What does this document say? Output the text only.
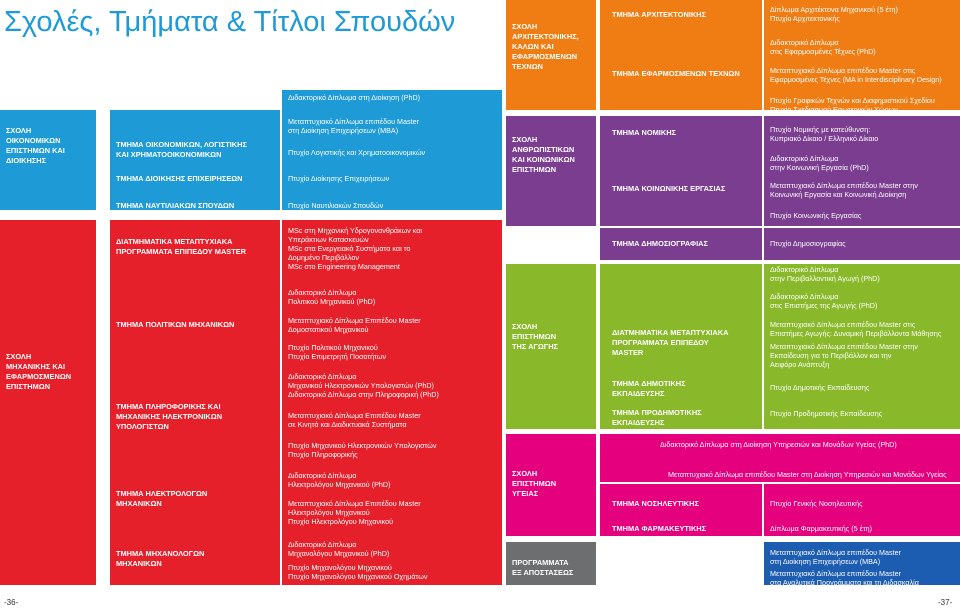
Σχολές, Τμήματα & Τίτλοι Σπουδών
ΣΧΟΛΗ
ΟΙΚΟΝΟΜΙΚΩΝ
ΕΠΙΣΤΗΜΩΝ ΚΑΙ
ΔΙΟΙΚΗΣΗΣ
ΤΜΗΜΑ ΟΙΚΟΝΟΜΙΚΩΝ, ΛΟΓΙΣΤΙΚΗΣ
ΚΑΙ ΧΡΗΜΑΤΟΟΙΚΟΝΟΜΙΚΩΝ
ΤΜΗΜΑ ΔΙΟΙΚΗΣΗΣ ΕΠΙΧΕΙΡΗΣΕΩΝ
ΤΜΗΜΑ ΝΑΥΤΙΛΙΑΚΩΝ ΣΠΟΥΔΩΝ
Διδακτορικό Δίπλωμα στη Διοίκηση (PhD)
Μεταπτυχιακό Δίπλωμα επιπέδου Master
στη Διοίκηση Επιχειρήσεων (MBA)
Πτυχίο Λογιστικής και Χρηματοοικονομικών
Πτυχίο Διοίκησης Επιχειρήσεων
Πτυχίο Ναυτιλιακών Σπουδών
ΣΧΟΛΗ
ΜΗΧΑΝΙΚΗΣ ΚΑΙ
ΕΦΑΡΜΟΣΜΕΝΩΝ
ΕΠΙΣΤΗΜΩΝ
ΔΙΑΤΜΗΜΑΤΙΚΑ ΜΕΤΑΠΤΥΧΙΑΚΑ
ΠΡΟΓΡΑΜΜΑΤΑ ΕΠΙΠΕΔΟΥ MASTER
ΤΜΗΜΑ ΠΟΛΙΤΙΚΩΝ ΜΗΧΑΝΙΚΩΝ
ΤΜΗΜΑ ΠΛΗΡΟΦΟΡΙΚΗΣ ΚΑΙ
ΜΗΧΑΝΙΚΗΣ ΗΛΕΚΤΡΟΝΙΚΩΝ
ΥΠΟΛΟΓΙΣΤΩΝ
ΤΜΗΜΑ ΗΛΕΚΤΡΟΛΟΓΩΝ
ΜΗΧΑΝΙΚΩΝ
ΤΜΗΜΑ ΜΗΧΑΝΟΛΟΓΩΝ
ΜΗΧΑΝΙΚΩΝ
MSc στη Μηχανική Υδρογονανθράκων και
Υπεράκτιων Κατασκευών
MSc στα Ενεργειακά Συστήματα και το
Δομημένο Περιβάλλον
MSc στο Engineering Management
Διδακτορικό Δίπλωμα
Πολιτικού Μηχανικού (PhD)
Μεταπτυχιακό Δίπλωμα Επιπέδου Master
Δομοστατικού Μηχανικού
Πτυχίο Πολιτικού Μηχανικού
Πτυχίο Επιμετρητή Ποσοτήτων
Διδακτορικό Δίπλωμα
Μηχανικού Ηλεκτρονικών Υπολογιστών (PhD)
Διδακτορικό Δίπλωμα στην Πληροφορική (PhD)
Μεταπτυχιακό Δίπλωμα Επιπέδου Master
σε Κινητά και Διαδικτυακά Συστήματα
Πτυχίο Μηχανικού Ηλεκτρονικών Υπολογιστών
Πτυχίο Πληροφορικής
Διδακτορικό Δίπλωμα
Ηλεκτρολόγου Μηχανικού (PhD)
Μεταπτυχιακό Δίπλωμα Επιπέδου Master
Ηλεκτρολόγου Μηχανικού
Πτυχίο Ηλεκτρολόγου Μηχανικού
Διδακτορικό Δίπλωμα
Μηχανολόγου Μηχανικού (PhD)
Πτυχίο Μηχανολόγου Μηχανικού
Πτυχίο Μηχανολόγου Μηχανικού Οχημάτων
ΣΧΟΛΗ
ΑΡΧΙΤΕΚΤΟΝΙΚΗΣ,
ΚΑΛΩΝ ΚΑΙ
ΕΦΑΡΜΟΣΜΕΝΩΝ
ΤΕΧΝΩΝ
ΤΜΗΜΑ ΑΡΧΙΤΕΚΤΟΝΙΚΗΣ
ΤΜΗΜΑ ΕΦΑΡΜΟΣΜΕΝΩΝ ΤΕΧΝΩΝ
Δίπλωμα Αρχιτέκτονα Μηχανικού (5 έτη)
Πτυχίο Αρχιτεκτονικής
Διδακτορικό Δίπλωμα
στις Εφαρμοσμένες Τέχνες (PhD)
Μεταπτυχιακό Δίπλωμα επιπέδου Master στις
Εφαρμοσμένες Τέχνες (MA in Interdisciplinary Design)
Πτυχίο Γραφικών Τεχνών και Διαφημιστικού Σχεδίου
Πτυχίο Σχεδιασμού Εσωτερικών Χώρων
ΣΧΟΛΗ
ΑΝΘΡΩΠΙΣΤΙΚΩΝ
ΚΑΙ ΚΟΙΝΩΝΙΚΩΝ
ΕΠΙΣΤΗΜΩΝ
ΤΜΗΜΑ ΝΟΜΙΚΗΣ
ΤΜΗΜΑ ΚΟΙΝΩΝΙΚΗΣ ΕΡΓΑΣΙΑΣ
Πτυχίο Νομικής με κατεύθυνση:
Κυπριακό Δίκαιο / Ελληνικό Δίκαιο
Διδακτορικό Δίπλωμα
στην Κοινωνική Εργασία (PhD)
Μεταπτυχιακό Δίπλωμα επιπέδου Master στην
Κοινωνική Εργασία και Κοινωνική Διοίκηση
Πτυχίο Κοινωνικής Εργασίας
ΤΜΗΜΑ ΔΗΜΟΣΙΟΓΡΑΦΙΑΣ	Πτυχίο Δημοσιογραφίας
ΣΧΟΛΗ
ΕΠΙΣΤΗΜΩΝ
ΤΗΣ ΑΓΩΓΗΣ
ΔΙΑΤΜΗΜΑΤΙΚΑ ΜΕΤΑΠΤΥΧΙΑΚΑ
ΠΡΟΓΡΑΜΜΑΤΑ ΕΠΙΠΕΔΟΥ
MASTER
ΤΜΗΜΑ ΔΗΜΟΤΙΚΗΣ
ΕΚΠΑΙΔΕΥΣΗΣ
ΤΜΗΜΑ ΠΡΟΔΗΜΟΤΙΚΗΣ
ΕΚΠΑΙΔΕΥΣΗΣ
Διδακτορικό Δίπλωμα
στην Περιβαλλοντική Αγωγή (PhD)
Διδακτορικό Δίπλωμα
στις Επιστήμες της Αγωγής (PhD)
Μεταπτυχιακό Δίπλωμα επιπέδου Master στις
Επιστήμες Αγωγής: Δυναμική Περιβάλλοντα Μάθησης
Μεταπτυχιακό Δίπλωμα επιπέδου Master στην
Εκπαίδευση για το Περιβάλλον και την
Αειφόρο Ανάπτυξη
Πτυχίο Δημοτικής Εκπαίδευσης
Πτυχίο Προδημοτικής Εκπαίδευσης
ΣΧΟΛΗ
ΕΠΙΣΤΗΜΩΝ
ΥΓΕΙΑΣ
Διδακτορικό Δίπλωμα στη Διοίκηση Υπηρεσιών και Μονάδων Υγείας (PhD)
Μεταπτυχιακό Δίπλωμα επιπέδου Master στη Διοίκηση Υπηρεσιών και Μονάδων Υγείας
ΤΜΗΜΑ ΝΟΣΗΛΕΥΤΙΚΗΣ
ΤΜΗΜΑ ΦΑΡΜΑΚΕΥΤΙΚΗΣ
Πτυχίο Γενικής Νοσηλευτικής
Δίπλωμα Φαρμακευτικής (5 έτη)
ΠΡΟΓΡΑΜΜΑΤΑ
ΕΞ ΑΠΟΣΤΑΣΕΩΣ
Μεταπτυχιακό Δίπλωμα επιπέδου Master
στη Διοίκηση Επιχειρήσεων (MBA)
Μεταπτυχιακό Δίπλωμα επιπέδου Master
στα Αναλυτικά Προγράμματα και τη Διδασκαλία
-36-	-37-
